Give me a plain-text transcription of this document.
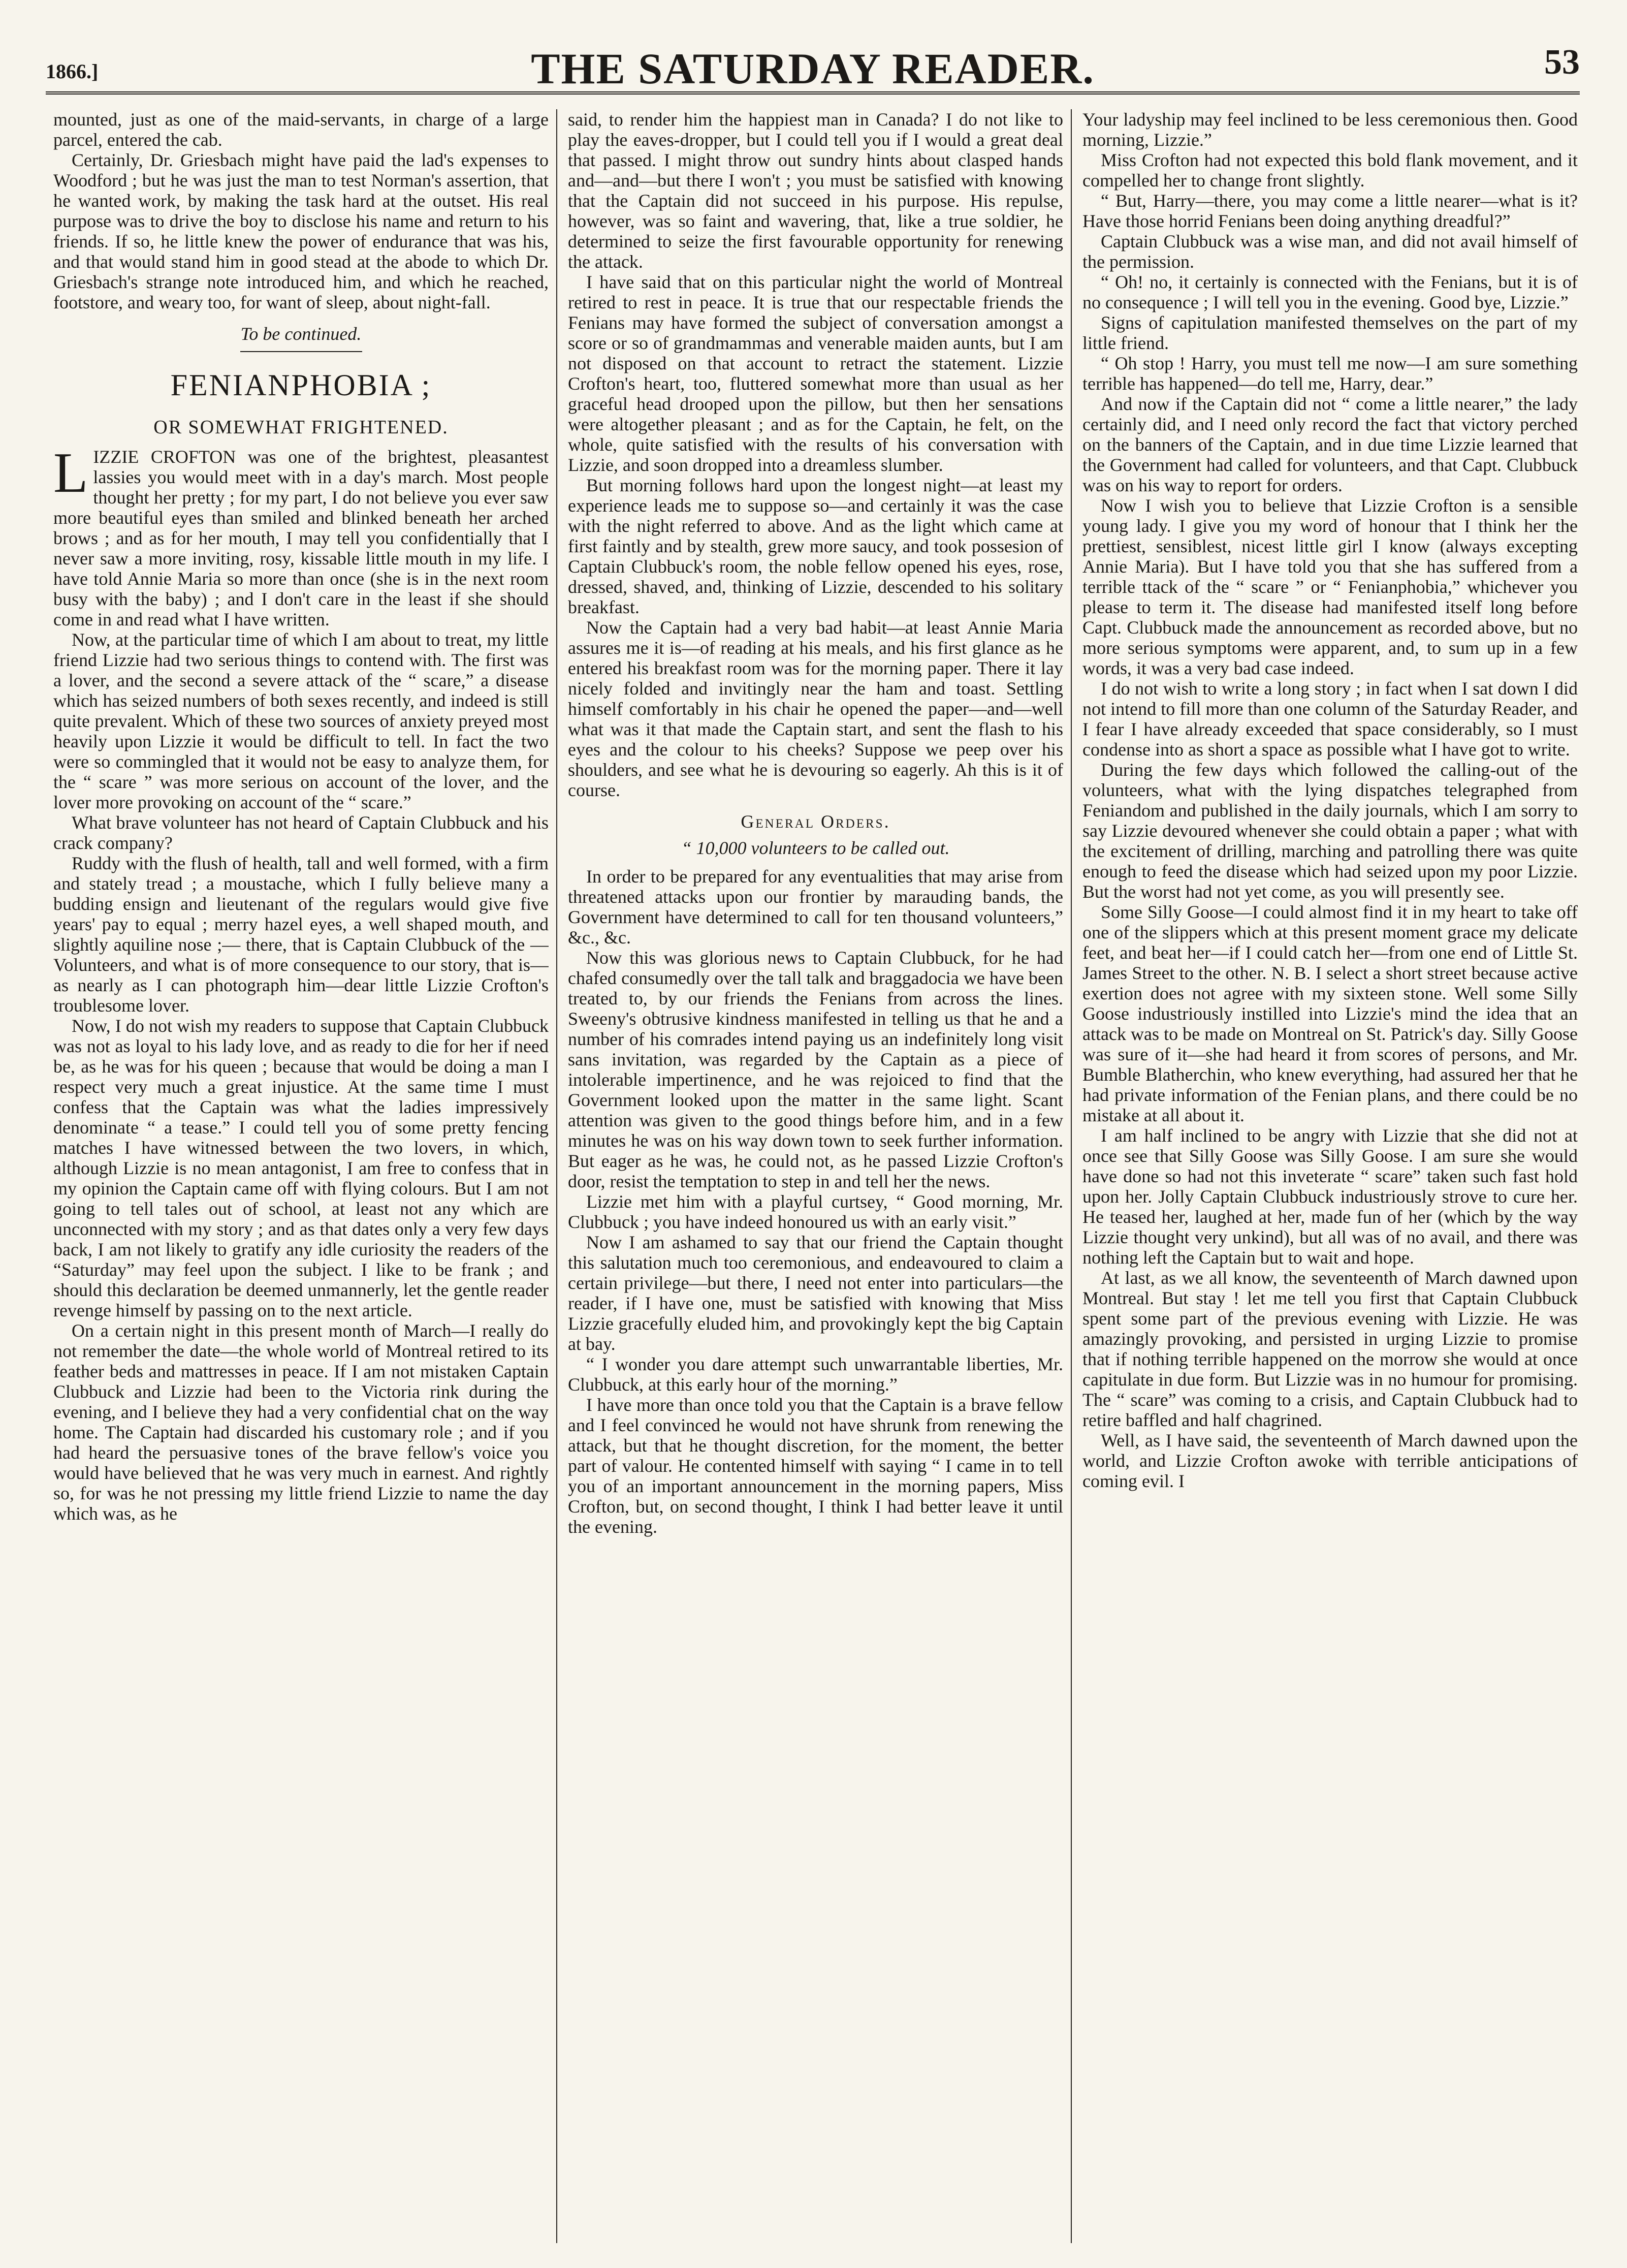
1866.]	THE SATURDAY READER.	53

mounted, just as one of the maid-servants, in charge of a large parcel, entered the cab.

Certainly, Dr. Griesbach might have paid the lad's expenses to Woodford ; but he was just the man to test Norman's assertion, that he wanted work, by making the task hard at the outset. His real purpose was to drive the boy to disclose his name and return to his friends. If so, he little knew the power of endurance that was his, and that would stand him in good stead at the abode to which Dr. Griesbach's strange note introduced him, and which he reached, footstore, and weary too, for want of sleep, about night-fall.

To be continued.
FENIANPHOBIA ;
OR SOMEWHAT FRIGHTENED.

LIZZIE CROFTON was one of the brightest, pleasantest lassies you would meet with in a day's march. Most people thought her pretty ; for my part, I do not believe you ever saw more beautiful eyes than smiled and blinked beneath her arched brows ; and as for her mouth, I may tell you confidentially that I never saw a more inviting, rosy, kissable little mouth in my life. I have told Annie Maria so more than once (she is in the next room busy with the baby) ; and I don't care in the least if she should come in and read what I have written.

Now, at the particular time of which I am about to treat, my little friend Lizzie had two serious things to contend with. The first was a lover, and the second a severe attack of the “ scare,” a disease which has seized numbers of both sexes recently, and indeed is still quite prevalent. Which of these two sources of anxiety preyed most heavily upon Lizzie it would be difficult to tell. In fact the two were so commingled that it would not be easy to analyze them, for the “ scare ” was more serious on account of the lover, and the lover more provoking on account of the “ scare.”

What brave volunteer has not heard of Captain Clubbuck and his crack company?

Ruddy with the flush of health, tall and well formed, with a firm and stately tread ; a moustache, which I fully believe many a budding ensign and lieutenant of the regulars would give five years' pay to equal ; merry hazel eyes, a well shaped mouth, and slightly aquiline nose ;— there, that is Captain Clubbuck of the — Volunteers, and what is of more consequence to our story, that is—as nearly as I can photograph him—dear little Lizzie Crofton's troublesome lover.

Now, I do not wish my readers to suppose that Captain Clubbuck was not as loyal to his lady love, and as ready to die for her if need be, as he was for his queen ; because that would be doing a man I respect very much a great injustice. At the same time I must confess that the Captain was what the ladies impressively denominate “ a tease.” I could tell you of some pretty fencing matches I have witnessed between the two lovers, in which, although Lizzie is no mean antagonist, I am free to confess that in my opinion the Captain came off with flying colours. But I am not going to tell tales out of school, at least not any which are unconnected with my story ; and as that dates only a very few days back, I am not likely to gratify any idle curiosity the readers of the “Saturday” may feel upon the subject. I like to be frank ; and should this declaration be deemed unmannerly, let the gentle reader revenge himself by passing on to the next article.

On a certain night in this present month of March—I really do not remember the date—the whole world of Montreal retired to its feather beds and mattresses in peace. If I am not mistaken Captain Clubbuck and Lizzie had been to the Victoria rink during the evening, and I believe they had a very confidential chat on the way home. The Captain had discarded his customary role ; and if you had heard the persuasive tones of the brave fellow's voice you would have believed that he was very much in earnest. And rightly so, for was he not pressing my little friend Lizzie to name the day which was, as he

said, to render him the happiest man in Canada? I do not like to play the eaves-dropper, but I could tell you if I would a great deal that passed. I might throw out sundry hints about clasped hands and—and—but there I won't ; you must be satisfied with knowing that the Captain did not succeed in his purpose. His repulse, however, was so faint and wavering, that, like a true soldier, he determined to seize the first favourable opportunity for renewing the attack.

I have said that on this particular night the world of Montreal retired to rest in peace. It is true that our respectable friends the Fenians may have formed the subject of conversation amongst a score or so of grandmammas and venerable maiden aunts, but I am not disposed on that account to retract the statement. Lizzie Crofton's heart, too, fluttered somewhat more than usual as her graceful head drooped upon the pillow, but then her sensations were altogether pleasant ; and as for the Captain, he felt, on the whole, quite satisfied with the results of his conversation with Lizzie, and soon dropped into a dreamless slumber.

But morning follows hard upon the longest night—at least my experience leads me to suppose so—and certainly it was the case with the night referred to above. And as the light which came at first faintly and by stealth, grew more saucy, and took possesion of Captain Clubbuck's room, the noble fellow opened his eyes, rose, dressed, shaved, and, thinking of Lizzie, descended to his solitary breakfast.

Now the Captain had a very bad habit—at least Annie Maria assures me it is—of reading at his meals, and his first glance as he entered his breakfast room was for the morning paper. There it lay nicely folded and invitingly near the ham and toast. Settling himself comfortably in his chair he opened the paper—and—well what was it that made the Captain start, and sent the flash to his eyes and the colour to his cheeks? Suppose we peep over his shoulders, and see what he is devouring so eagerly. Ah this is it of course.

General Orders.
“ 10,000 volunteers to be called out.

In order to be prepared for any eventualities that may arise from threatened attacks upon our frontier by marauding bands, the Government have determined to call for ten thousand volunteers,” &c., &c.

Now this was glorious news to Captain Clubbuck, for he had chafed consumedly over the tall talk and braggadocia we have been treated to, by our friends the Fenians from across the lines. Sweeny's obtrusive kindness manifested in telling us that he and a number of his comrades intend paying us an indefinitely long visit sans invitation, was regarded by the Captain as a piece of intolerable impertinence, and he was rejoiced to find that the Government looked upon the matter in the same light. Scant attention was given to the good things before him, and in a few minutes he was on his way down town to seek further information. But eager as he was, he could not, as he passed Lizzie Crofton's door, resist the temptation to step in and tell her the news.

Lizzie met him with a playful curtsey, “ Good morning, Mr. Clubbuck ; you have indeed honoured us with an early visit.”

Now I am ashamed to say that our friend the Captain thought this salutation much too ceremonious, and endeavoured to claim a certain privilege—but there, I need not enter into particulars—the reader, if I have one, must be satisfied with knowing that Miss Lizzie gracefully eluded him, and provokingly kept the big Captain at bay.

“ I wonder you dare attempt such unwarrantable liberties, Mr. Clubbuck, at this early hour of the morning.”

I have more than once told you that the Captain is a brave fellow and I feel convinced he would not have shrunk from renewing the attack, but that he thought discretion, for the moment, the better part of valour. He contented himself with saying “ I came in to tell you of an important announcement in the morning papers, Miss Crofton, but, on second thought, I think I had better leave it until the evening.

Your ladyship may feel inclined to be less ceremonious then. Good morning, Lizzie.”

Miss Crofton had not expected this bold flank movement, and it compelled her to change front slightly.

“ But, Harry—there, you may come a little nearer—what is it? Have those horrid Fenians been doing anything dreadful?”

Captain Clubbuck was a wise man, and did not avail himself of the permission.

“ Oh! no, it certainly is connected with the Fenians, but it is of no consequence ; I will tell you in the evening. Good bye, Lizzie.”

Signs of capitulation manifested themselves on the part of my little friend.

“ Oh stop ! Harry, you must tell me now—I am sure something terrible has happened—do tell me, Harry, dear.”

And now if the Captain did not “ come a little nearer,” the lady certainly did, and I need only record the fact that victory perched on the banners of the Captain, and in due time Lizzie learned that the Government had called for volunteers, and that Capt. Clubbuck was on his way to report for orders.

Now I wish you to believe that Lizzie Crofton is a sensible young lady. I give you my word of honour that I think her the prettiest, sensiblest, nicest little girl I know (always excepting Annie Maria). But I have told you that she has suffered from a terrible ttack of the “ scare ” or “ Fenianphobia,” whichever you please to term it. The disease had manifested itself long before Capt. Clubbuck made the announcement as recorded above, but no more serious symptoms were apparent, and, to sum up in a few words, it was a very bad case indeed.

I do not wish to write a long story ; in fact when I sat down I did not intend to fill more than one column of the Saturday Reader, and I fear I have already exceeded that space considerably, so I must condense into as short a space as possible what I have got to write.

During the few days which followed the calling-out of the volunteers, what with the lying dispatches telegraphed from Feniandom and published in the daily journals, which I am sorry to say Lizzie devoured whenever she could obtain a paper ; what with the excitement of drilling, marching and patrolling there was quite enough to feed the disease which had seized upon my poor Lizzie. But the worst had not yet come, as you will presently see.

Some Silly Goose—I could almost find it in my heart to take off one of the slippers which at this present moment grace my delicate feet, and beat her—if I could catch her—from one end of Little St. James Street to the other. N. B. I select a short street because active exertion does not agree with my sixteen stone. Well some Silly Goose industriously instilled into Lizzie's mind the idea that an attack was to be made on Montreal on St. Patrick's day. Silly Goose was sure of it—she had heard it from scores of persons, and Mr. Bumble Blatherchin, who knew everything, had assured her that he had private information of the Fenian plans, and there could be no mistake at all about it.

I am half inclined to be angry with Lizzie that she did not at once see that Silly Goose was Silly Goose. I am sure she would have done so had not this inveterate “ scare” taken such fast hold upon her. Jolly Captain Clubbuck industriously strove to cure her. He teased her, laughed at her, made fun of her (which by the way Lizzie thought very unkind), but all was of no avail, and there was nothing left the Captain but to wait and hope.

At last, as we all know, the seventeenth of March dawned upon Montreal. But stay ! let me tell you first that Captain Clubbuck spent some part of the previous evening with Lizzie. He was amazingly provoking, and persisted in urging Lizzie to promise that if nothing terrible happened on the morrow she would at once capitulate in due form. But Lizzie was in no humour for promising. The “ scare” was coming to a crisis, and Captain Clubbuck had to retire baffled and half chagrined.

Well, as I have said, the seventeenth of March dawned upon the world, and Lizzie Crofton awoke with terrible anticipations of coming evil. I
